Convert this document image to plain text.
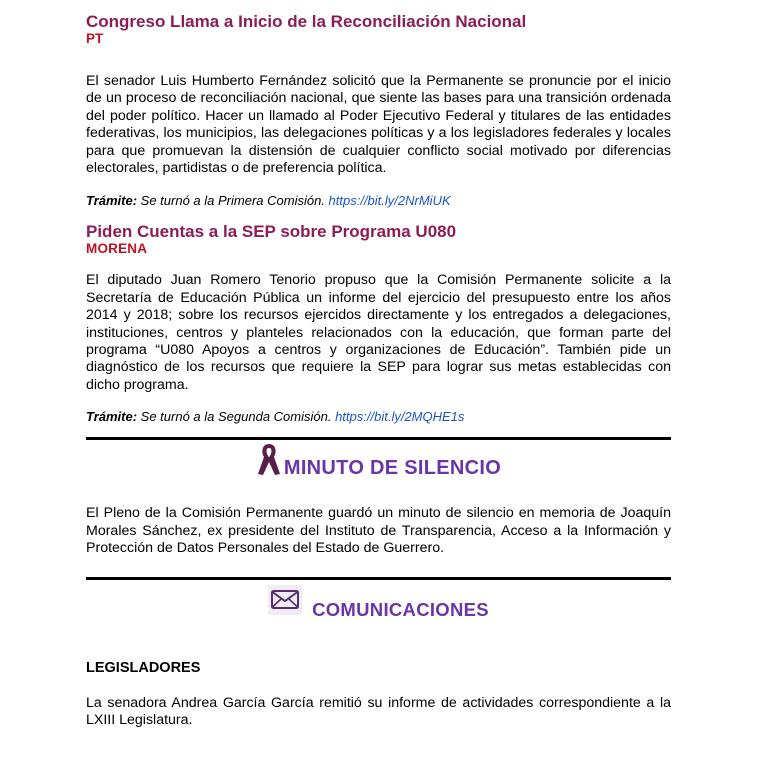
Congreso Llama a Inicio de la Reconciliación Nacional
PT

El senador Luis Humberto Fernández solicitó que la Permanente se pronuncie por el inicio de un proceso de reconciliación nacional, que siente las bases para una transición ordenada del poder político. Hacer un llamado al Poder Ejecutivo Federal y titulares de las entidades federativas, los municipios, las delegaciones políticas y a los legisladores federales y locales para que promuevan la distensión de cualquier conflicto social motivado por diferencias electorales, partidistas o de preferencia política.

Trámite: Se turnó a la Primera Comisión. https://bit.ly/2NrMiUK

Piden Cuentas a la SEP sobre Programa U080
MORENA

El diputado Juan Romero Tenorio propuso que la Comisión Permanente solicite a la Secretaría de Educación Pública un informe del ejercicio del presupuesto entre los años 2014 y 2018; sobre los recursos ejercidos directamente y los entregados a delegaciones, instituciones, centros y planteles relacionados con la educación, que forman parte del programa “U080 Apoyos a centros y organizaciones de Educación”. También pide un diagnóstico de los recursos que requiere la SEP para lograr sus metas establecidas con dicho programa.

Trámite: Se turnó a la Segunda Comisión. https://bit.ly/2MQHE1s

MINUTO DE SILENCIO

El Pleno de la Comisión Permanente guardó un minuto de silencio en memoria de Joaquín Morales Sánchez, ex presidente del Instituto de Transparencia, Acceso a la Información y Protección de Datos Personales del Estado de Guerrero.

COMUNICACIONES

LEGISLADORES

La senadora Andrea García García remitió su informe de actividades correspondiente a la LXIII Legislatura.
